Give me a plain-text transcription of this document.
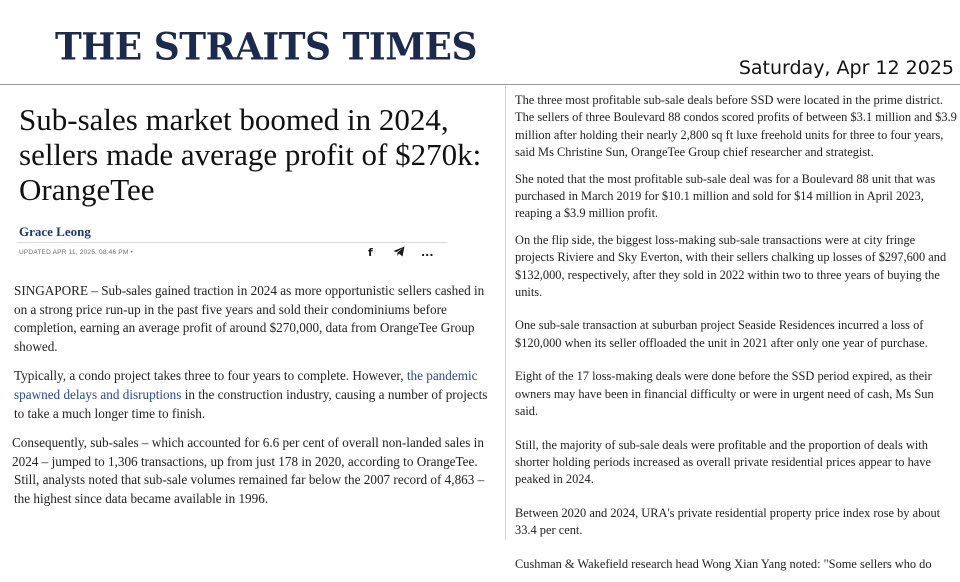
THE STRAITS TIMES	Saturday, Apr 12 2025
Sub-sales market boomed in 2024, sellers made average profit of $270k: OrangeTee
Grace Leong
UPDATED APR 11, 2025, 08:46 PM •	f	...

SINGAPORE – Sub-sales gained traction in 2024 as more opportunistic sellers cashed in on a strong price run-up in the past five years and sold their condominiums before completion, earning an average profit of around $270,000, data from OrangeTee Group showed.

Typically, a condo project takes three to four years to complete. However, the pandemic spawned delays and disruptions in the construction industry, causing a number of projects to take a much longer time to finish.

Consequently, sub-sales – which accounted for 6.6 per cent of overall non-landed sales in 2024 – jumped to 1,306 transactions, up from just 178 in 2020, according to OrangeTee.

Still, analysts noted that sub-sale volumes remained far below the 2007 record of 4,863 – the highest since data became available in 1996.

The three most profitable sub-sale deals before SSD were located in the prime district. The sellers of three Boulevard 88 condos scored profits of between $3.1 million and $3.9 million after holding their nearly 2,800 sq ft luxe freehold units for three to four years, said Ms Christine Sun, OrangeTee Group chief researcher and strategist.

She noted that the most profitable sub-sale deal was for a Boulevard 88 unit that was purchased in March 2019 for $10.1 million and sold for $14 million in April 2023, reaping a $3.9 million profit.

On the flip side, the biggest loss-making sub-sale transactions were at city fringe projects Riviere and Sky Everton, with their sellers chalking up losses of $297,600 and $132,000, respectively, after they sold in 2022 within two to three years of buying the units.

One sub-sale transaction at suburban project Seaside Residences incurred a loss of $120,000 when its seller offloaded the unit in 2021 after only one year of purchase.

Eight of the 17 loss-making deals were done before the SSD period expired, as their owners may have been in financial difficulty or were in urgent need of cash, Ms Sun said.

Still, the majority of sub-sale deals were profitable and the proportion of deals with shorter holding periods increased as overall private residential prices appear to have peaked in 2024.

Between 2020 and 2024, URA's private residential property price index rose by about 33.4 per cent.

Cushman & Wakefield research head Wong Xian Yang noted: "Some sellers who do
